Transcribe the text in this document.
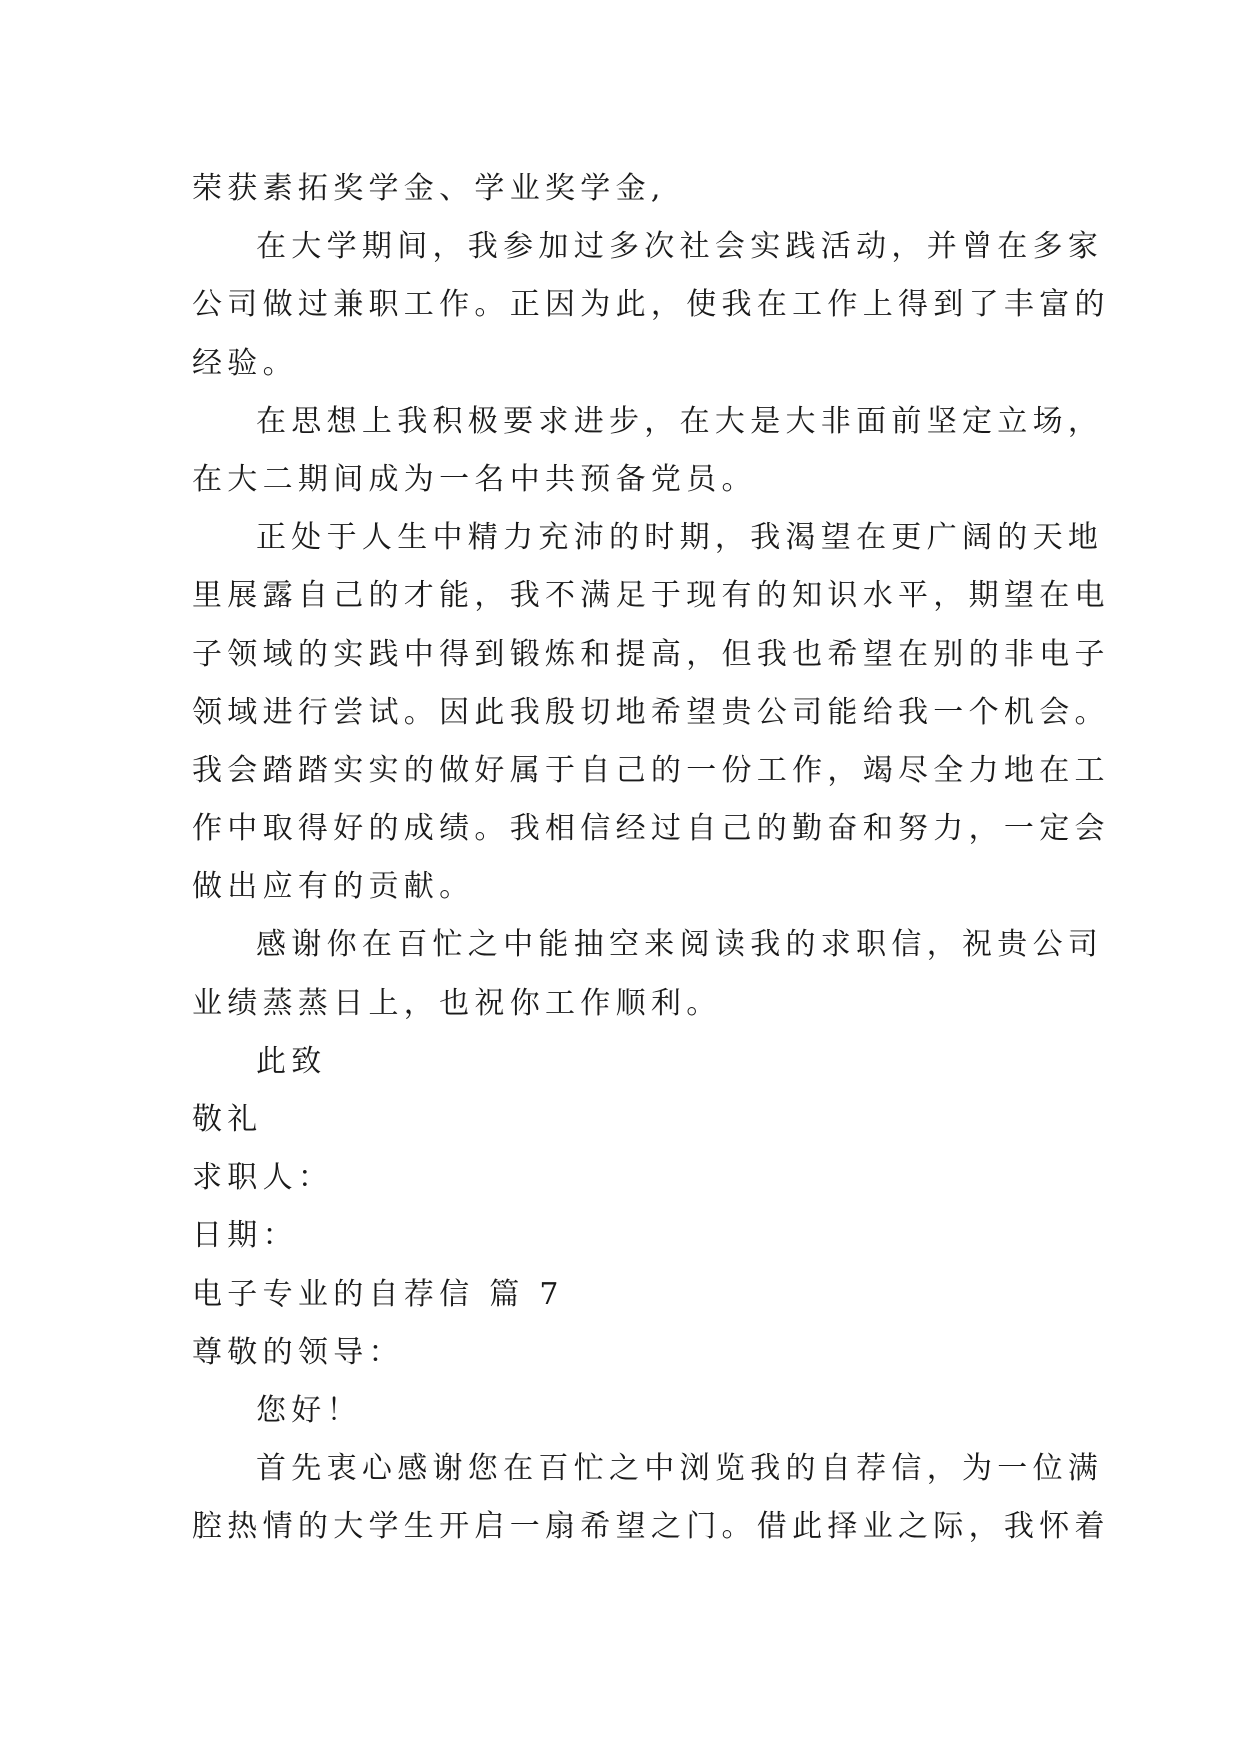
荣获素拓奖学金、学业奖学金,
在大学期间，我参加过多次社会实践活动，并曾在多家
公司做过兼职工作。正因为此，使我在工作上得到了丰富的
经验。
在思想上我积极要求进步，在大是大非面前坚定立场，
在大二期间成为一名中共预备党员。
正处于人生中精力充沛的时期，我渴望在更广阔的天地
里展露自己的才能，我不满足于现有的知识水平，期望在电
子领域的实践中得到锻炼和提高，但我也希望在别的非电子
领域进行尝试。因此我殷切地希望贵公司能给我一个机会。
我会踏踏实实的做好属于自己的一份工作，竭尽全力地在工
作中取得好的成绩。我相信经过自己的勤奋和努力，一定会
做出应有的贡献。
感谢你在百忙之中能抽空来阅读我的求职信，祝贵公司
业绩蒸蒸日上，也祝你工作顺利。
此致
敬礼
求职人：
日期：
电子专业的自荐信 篇 7
尊敬的领导：
您好！
首先衷心感谢您在百忙之中浏览我的自荐信，为一位满
腔热情的大学生开启一扇希望之门。借此择业之际，我怀着
